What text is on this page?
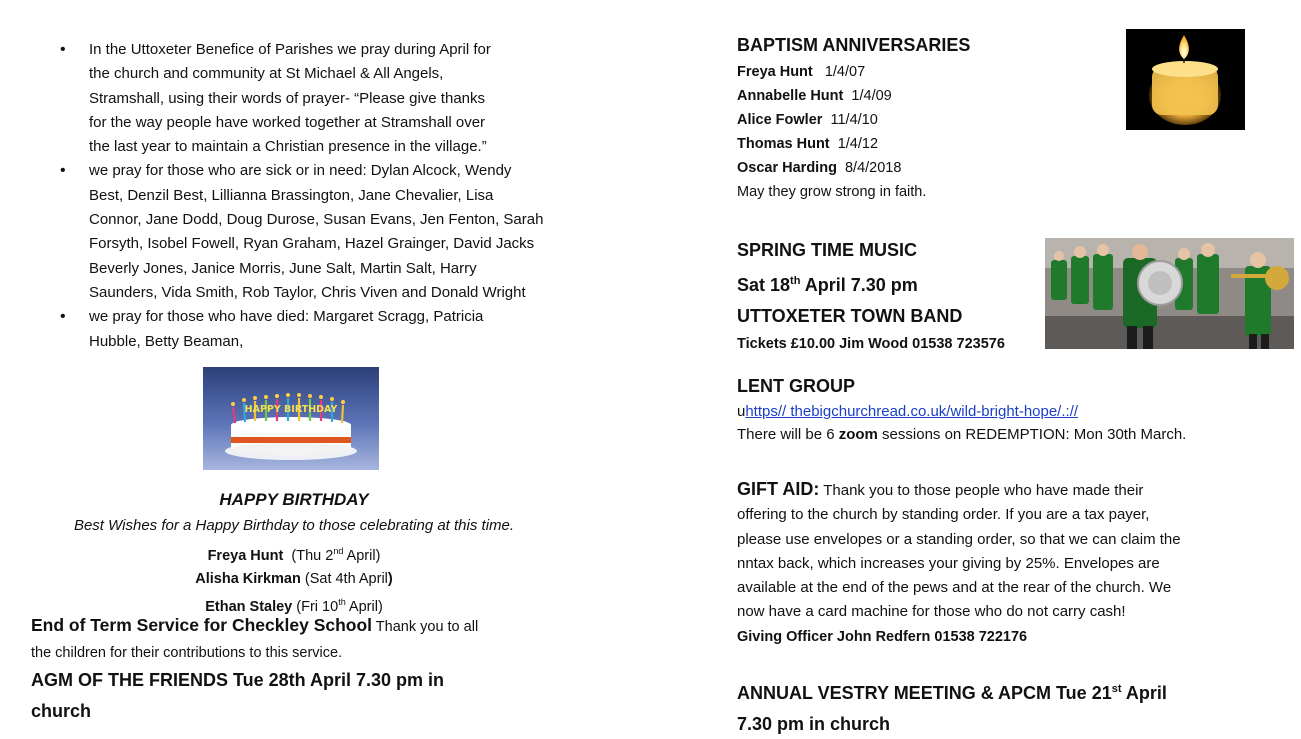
• In the Uttoxeter Benefice of Parishes we pray during April for
the church and community at St Michael & All Angels,
Stramshall, using their words of prayer- “Please give thanks
for the way people have worked together at Stramshall over
the last year to maintain a Christian presence in the village.”
• we pray for those who are sick or in need: Dylan Alcock, Wendy
Best, Denzil Best, Lillianna Brassington, Jane Chevalier, Lisa
Connor, Jane Dodd, Doug Durose, Susan Evans, Jen Fenton, Sarah
Forsyth, Isobel Fowell, Ryan Graham, Hazel Grainger, David Jacks
Beverly Jones, Janice Morris, June Salt, Martin Salt, Harry
Saunders, Vida Smith, Rob Taylor, Chris Viven and Donald Wright
• we pray for those who have died: Margaret Scragg, Patricia
Hubble, Betty Beaman,
HAPPY BIRTHDAY
HAPPY BIRTHDAY
Best Wishes for a Happy Birthday to those celebrating at this time.
Freya Hunt (Thu 2nd April)
Alisha Kirkman (Sat 4th April)
Ethan Staley (Fri 10th April)
End of Term Service for Checkley School Thank you to all
the children for their contributions to this service.
AGM OF THE FRIENDS Tue 28th April 7.30 pm in
church
BAPTISM ANNIVERSARIES
Freya Hunt 1/4/07
Annabelle Hunt 1/4/09
Alice Fowler 11/4/10
Thomas Hunt 1/4/12
Oscar Harding 8/4/2018
May they grow strong in faith.
SPRING TIME MUSIC
Sat 18th April 7.30 pm
UTTOXETER TOWN BAND
Tickets £10.00 Jim Wood 01538 723576
LENT GROUP
uhttps// thebigchurchread.co.uk/wild-bright-hope/.://
There will be 6 zoom sessions on REDEMPTION: Mon 30th March.
GIFT AID: Thank you to those people who have made their
offering to the church by standing order. If you are a tax payer,
please use envelopes or a standing order, so that we can claim the
nntax back, which increases your giving by 25%. Envelopes are
available at the end of the pews and at the rear of the church. We
now have a card machine for those who do not carry cash!
Giving Officer John Redfern 01538 722176
ANNUAL VESTRY MEETING & APCM Tue 21st April
7.30 pm in church
